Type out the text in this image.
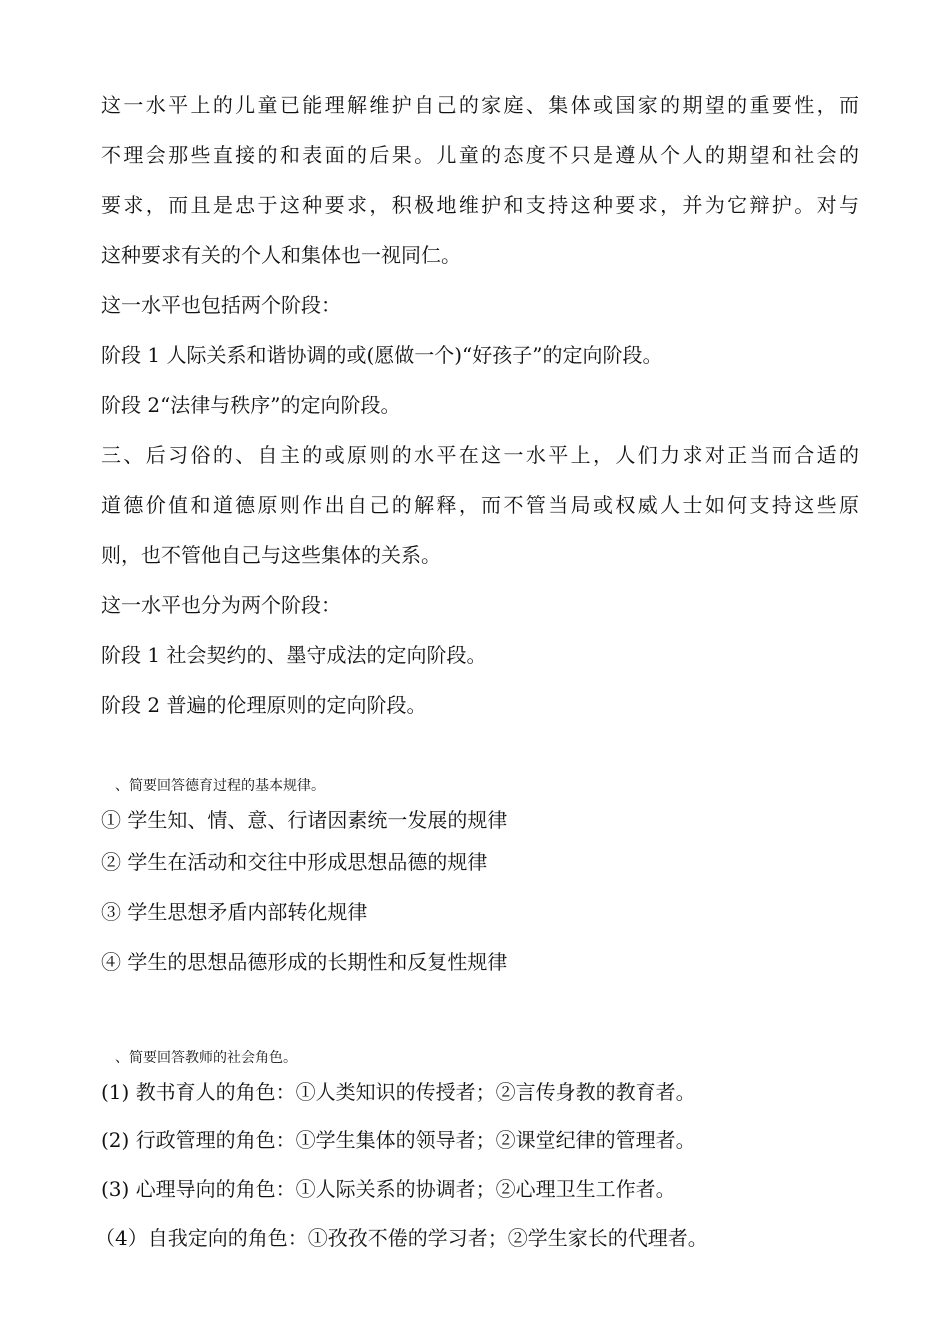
这一水平上的儿童已能理解维护自己的家庭、集体或国家的期望的重要性，而
不理会那些直接的和表面的后果。儿童的态度不只是遵从个人的期望和社会的
要求，而且是忠于这种要求，积极地维护和支持这种要求，并为它辩护。对与
这种要求有关的个人和集体也一视同仁。
这一水平也包括两个阶段：
阶段 1 人际关系和谐协调的或(愿做一个)“好孩子”的定向阶段。
阶段 2“法律与秩序”的定向阶段。
三、后习俗的、自主的或原则的水平在这一水平上，人们力求对正当而合适的
道德价值和道德原则作出自己的解释，而不管当局或权威人士如何支持这些原
则，也不管他自己与这些集体的关系。
这一水平也分为两个阶段：
阶段 1 社会契约的、墨守成法的定向阶段。
阶段 2 普遍的伦理原则的定向阶段。
、简要回答德育过程的基本规律。
① 学生知、情、意、行诸因素统一发展的规律
② 学生在活动和交往中形成思想品德的规律
③ 学生思想矛盾内部转化规律
④ 学生的思想品德形成的长期性和反复性规律
、简要回答教师的社会角色。
(1) 教书育人的角色：①人类知识的传授者；②言传身教的教育者。
(2) 行政管理的角色：①学生集体的领导者；②课堂纪律的管理者。
(3) 心理导向的角色：①人际关系的协调者；②心理卫生工作者。
（4）自我定向的角色：①孜孜不倦的学习者；②学生家长的代理者。
